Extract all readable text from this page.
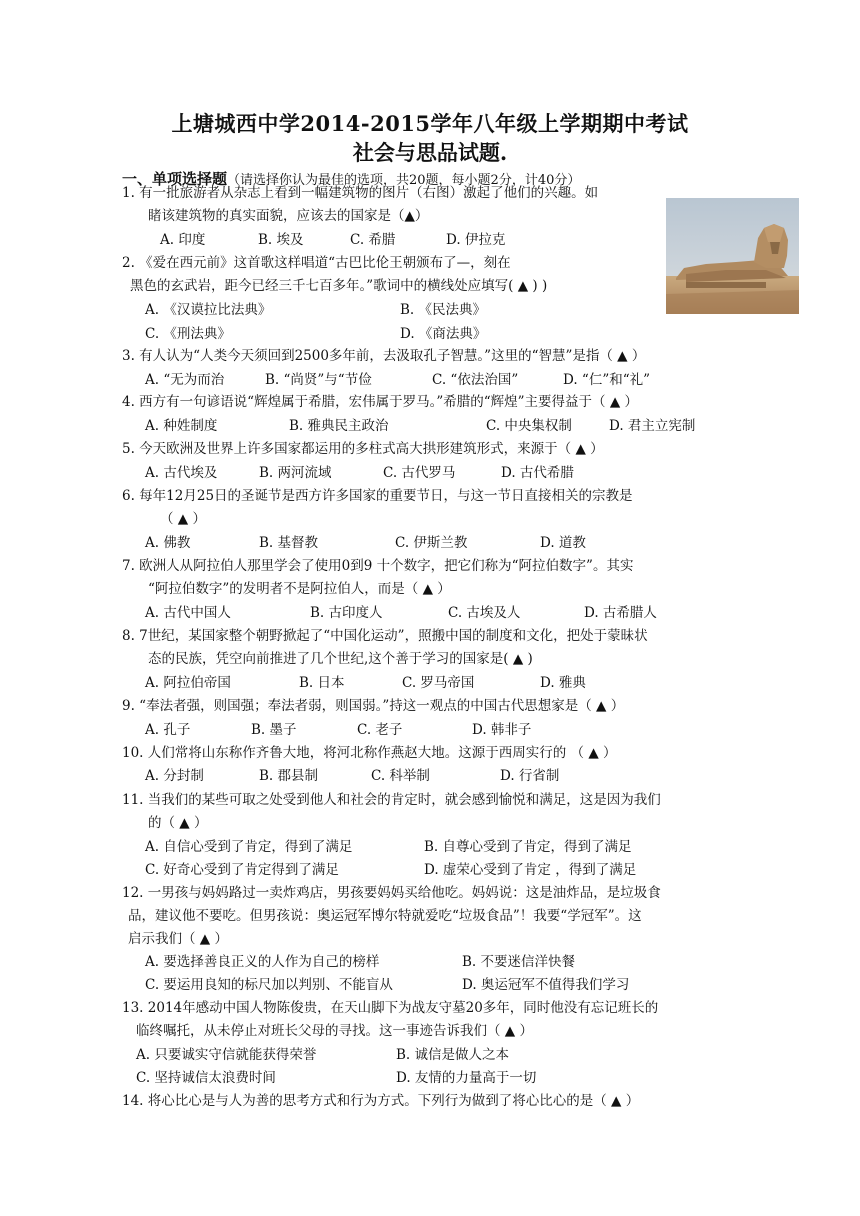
上塘城西中学2014-2015学年八年级上学期期中考试
社会与思品试题.
一、单项选择题（请选择你认为最佳的选项，共20题，每小题2分，计40分）
1. 有一批旅游者从杂志上看到一幅建筑物的图片（右图）激起了他们的兴趣。如
睹该建筑物的真实面貌，应该去的国家是（▲）
A. 印度	B. 埃及	C. 希腊	D. 伊拉克
2. 《爱在西元前》这首歌这样唱道“古巴比伦王朝颁布了—，刻在
黑色的玄武岩，距今已经三千七百多年。”歌词中的横线处应填写( ▲ ) )
A. 《汉谟拉比法典》	B. 《民法典》
C. 《刑法典》	D. 《商法典》
3. 有人认为“人类今天须回到2500多年前，去汲取孔子智慧。”这里的“智慧”是指（ ▲ ）
A. “无为而治	B. “尚贤”与“节俭	C. “依法治国”	D. “仁”和“礼”
4. 西方有一句谚语说“辉煌属于希腊，宏伟属于罗马。”希腊的“辉煌”主要得益于（ ▲ ）
A. 种姓制度	B. 雅典民主政治	C. 中央集权制	D. 君主立宪制
5. 今天欧洲及世界上许多国家都运用的多柱式高大拱形建筑形式，来源于（ ▲ ）
A. 古代埃及	B. 两河流域	C. 古代罗马	D. 古代希腊
6. 每年12月25日的圣诞节是西方许多国家的重要节日，与这一节日直接相关的宗教是
（ ▲ ）
A. 佛教	B. 基督教	C. 伊斯兰教	D. 道教
7. 欧洲人从阿拉伯人那里学会了使用0到9 十个数字，把它们称为“阿拉伯数字”。其实
“阿拉伯数字”的发明者不是阿拉伯人，而是（ ▲ ）
A. 古代中国人	B. 古印度人	C. 古埃及人	D. 古希腊人
8. 7世纪，某国家整个朝野掀起了“中国化运动”，照搬中国的制度和文化，把处于蒙昧状
态的民族，凭空向前推进了几个世纪,这个善于学习的国家是( ▲ )
A. 阿拉伯帝国	B. 日本	C. 罗马帝国	D. 雅典
9. “奉法者强，则国强；奉法者弱，则国弱。”持这一观点的中国古代思想家是（ ▲ ）
A. 孔子	B. 墨子	C. 老子	D. 韩非子
10. 人们常将山东称作齐鲁大地，将河北称作燕赵大地。这源于西周实行的 （ ▲ ）
A. 分封制	B. 郡县制	C. 科举制	D. 行省制
11. 当我们的某些可取之处受到他人和社会的肯定时，就会感到愉悦和满足，这是因为我们
的（ ▲ ）
A. 自信心受到了肯定，得到了满足	B. 自尊心受到了肯定，得到了满足
C. 好奇心受到了肯定得到了满足	D. 虚荣心受到了肯定 ，得到了满足
12. 一男孩与妈妈路过一卖炸鸡店，男孩要妈妈买给他吃。妈妈说：这是油炸品，是垃圾食
品，建议他不要吃。但男孩说：奥运冠军博尔特就爱吃“垃圾食品”！我要“学冠军”。这
启示我们（ ▲ ）
A. 要选择善良正义的人作为自己的榜样	B. 不要迷信洋快餐
C. 要运用良知的标尺加以判别、不能盲从	D. 奥运冠军不值得我们学习
13. 2014年感动中国人物陈俊贵，在天山脚下为战友守墓20多年，同时他没有忘记班长的
临终嘱托，从未停止对班长父母的寻找。这一事迹告诉我们（ ▲ ）
A. 只要诚实守信就能获得荣誉	B. 诚信是做人之本
C. 坚持诚信太浪费时间	D. 友情的力量高于一切
14. 将心比心是与人为善的思考方式和行为方式。下列行为做到了将心比心的是（ ▲ ）
